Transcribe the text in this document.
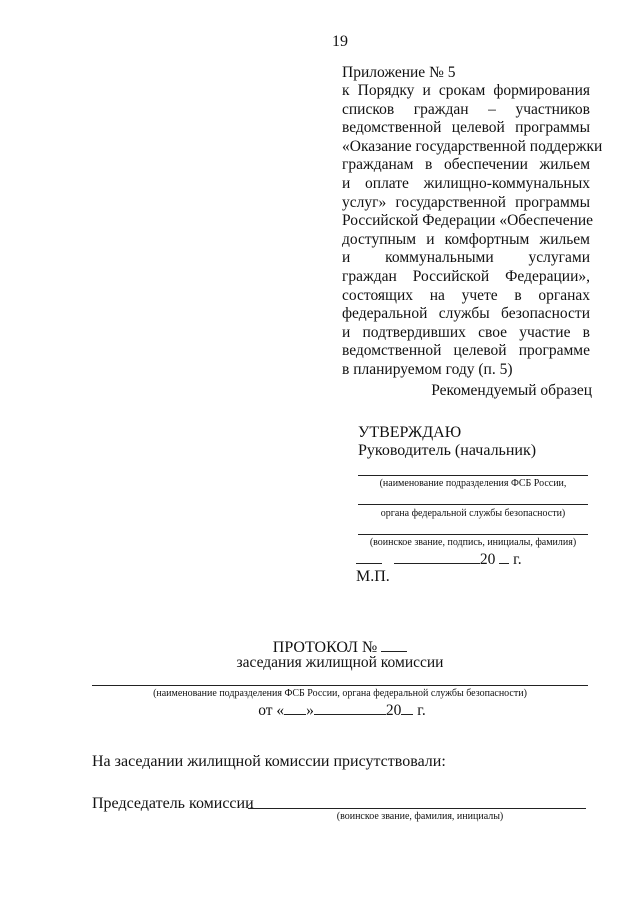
19
Приложение № 5
к Порядку и срокам формирования
списков граждан – участников
ведомственной целевой программы
«Оказание государственной поддержки
гражданам в обеспечении жильем
и оплате жилищно-коммунальных
услуг» государственной программы
Российской Федерации «Обеспечение
доступным и комфортным жильем
и коммунальными услугами
граждан Российской Федерации»,
состоящих на учете в органах
федеральной службы безопасности
и подтвердивших свое участие в
ведомственной целевой программе
в планируемом году (п. 5)
Рекомендуемый образец
УТВЕРЖДАЮ
Руководитель (начальник)
(наименование подразделения ФСБ России,
органа федеральной службы безопасности)
(воинское звание, подпись, инициалы, фамилия)
20 г.
М.П.
ПРОТОКОЛ №
заседания жилищной комиссии
(наименование подразделения ФСБ России, органа федеральной службы безопасности)
от « »	20 г.
На заседании жилищной комиссии присутствовали:
Председатель комиссии
(воинское звание, фамилия, инициалы)
